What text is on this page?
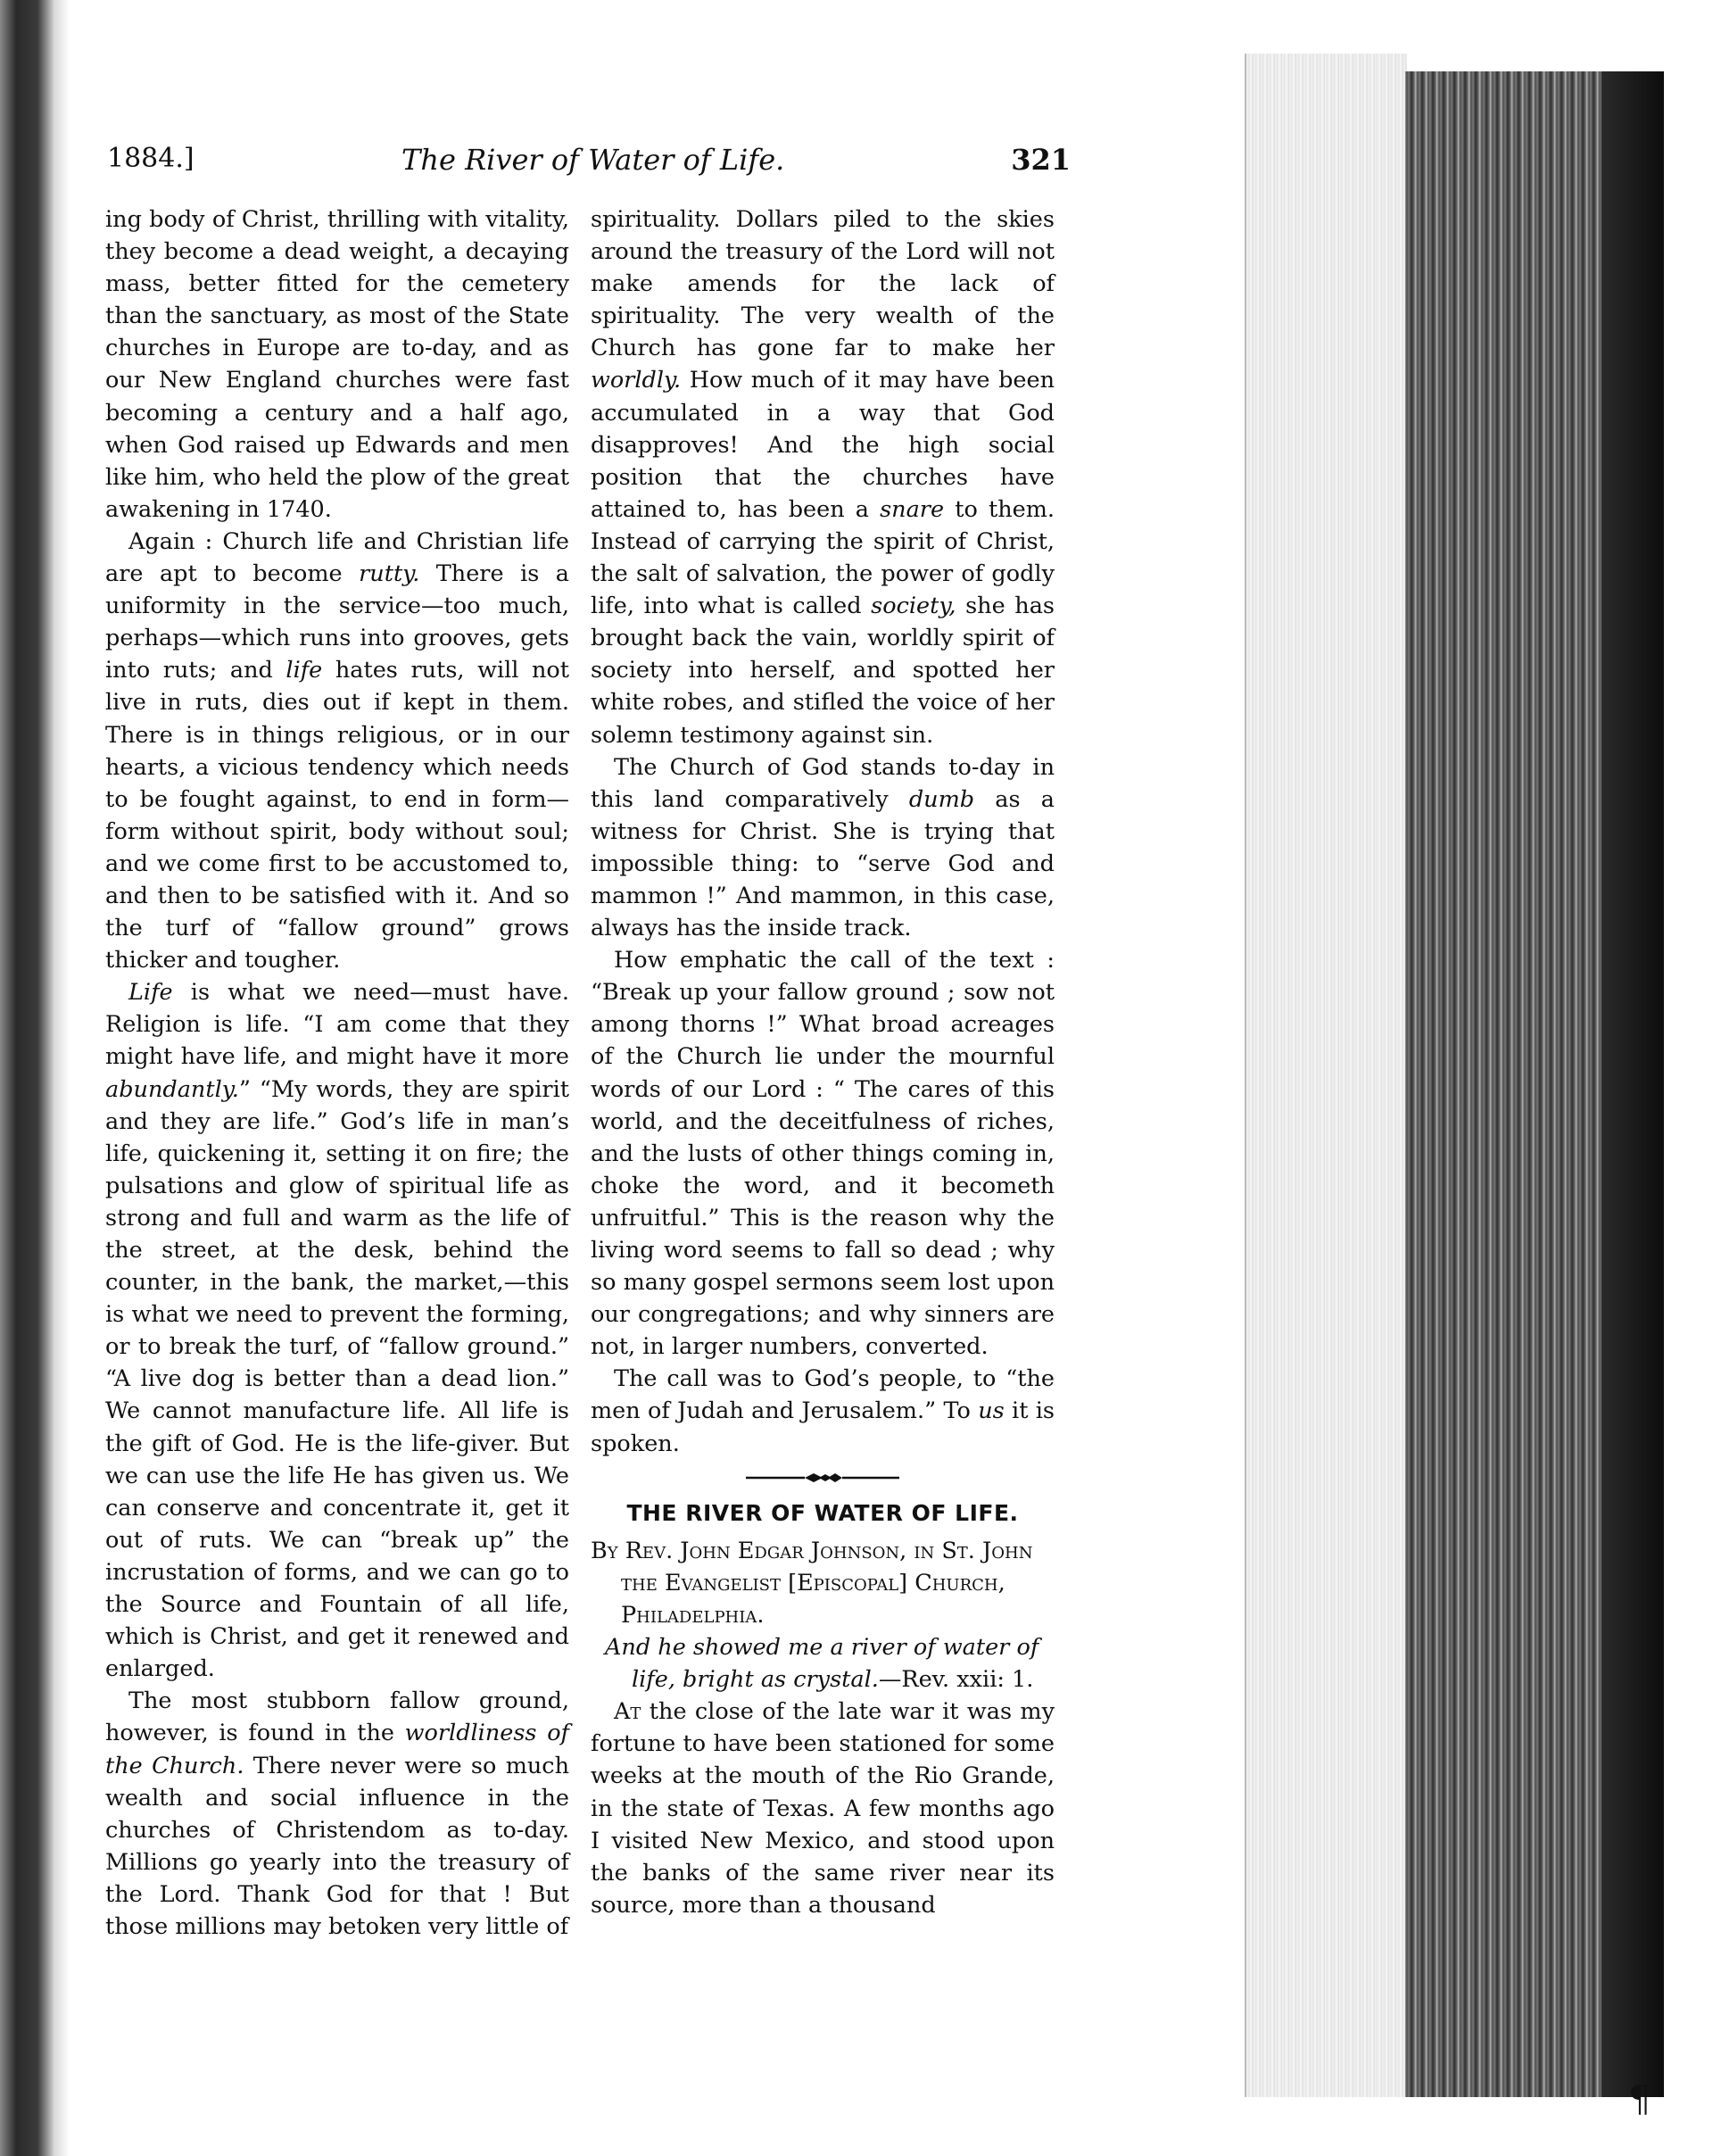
¶
1884.]	The River of Water of Life.	321

ing body of Christ, thrilling with vitality, they become a dead weight, a decaying mass, better fitted for the cemetery than the sanctuary, as most of the State churches in Europe are to-day, and as our New England churches were fast becoming a century and a half ago, when God raised up Edwards and men like him, who held the plow of the great awakening in 1740.

Again : Church life and Christian life are apt to become rutty. There is a uniformity in the service—too much, perhaps—which runs into grooves, gets into ruts; and life hates ruts, will not live in ruts, dies out if kept in them. There is in things religious, or in our hearts, a vicious tendency which needs to be fought against, to end in form—form without spirit, body without soul; and we come first to be accustomed to, and then to be satisfied with it. And so the turf of “fallow ground” grows thicker and tougher.

Life is what we need—must have. Religion is life. “I am come that they might have life, and might have it more abundantly.” “My words, they are spirit and they are life.” God’s life in man’s life, quickening it, setting it on fire; the pulsations and glow of spiritual life as strong and full and warm as the life of the street, at the desk, behind the counter, in the bank, the market,—this is what we need to prevent the forming, or to break the turf, of “fallow ground.” “A live dog is better than a dead lion.” We cannot manufacture life. All life is the gift of God. He is the life-giver. But we can use the life He has given us. We can conserve and concentrate it, get it out of ruts. We can “break up” the incrustation of forms, and we can go to the Source and Fountain of all life, which is Christ, and get it renewed and enlarged.

The most stubborn fallow ground, however, is found in the worldliness of the Church. There never were so much wealth and social influence in the churches of Christendom as to-day. Millions go yearly into the treasury of the Lord. Thank God for that ! But those millions may betoken very little of

spirituality. Dollars piled to the skies around the treasury of the Lord will not make amends for the lack of spirituality. The very wealth of the Church has gone far to make her worldly. How much of it may have been accumulated in a way that God disapproves! And the high social position that the churches have attained to, has been a snare to them. Instead of carrying the spirit of Christ, the salt of salvation, the power of godly life, into what is called society, she has brought back the vain, worldly spirit of society into herself, and spotted her white robes, and stifled the voice of her solemn testimony against sin.

The Church of God stands to-day in this land comparatively dumb as a witness for Christ. She is trying that impossible thing: to “serve God and mammon !” And mammon, in this case, always has the inside track.

How emphatic the call of the text : “Break up your fallow ground ; sow not among thorns !” What broad acreages of the Church lie under the mournful words of our Lord : “ The cares of this world, and the deceitfulness of riches, and the lusts of other things coming in, choke the word, and it becometh unfruitful.” This is the reason why the living word seems to fall so dead ; why so many gospel sermons seem lost upon our congregations; and why sinners are not, in larger numbers, converted.

The call was to God’s people, to “the men of Judah and Jerusalem.” To us it is spoken.

THE RIVER OF WATER OF LIFE.

By Rev. John Edgar Johnson, in St. John the Evangelist [Episcopal] Church, Philadelphia.

And he showed me a river of water of life, bright as crystal.—Rev. xxii: 1.

At the close of the late war it was my fortune to have been stationed for some weeks at the mouth of the Rio Grande, in the state of Texas. A few months ago I visited New Mexico, and stood upon the banks of the same river near its source, more than a thousand
